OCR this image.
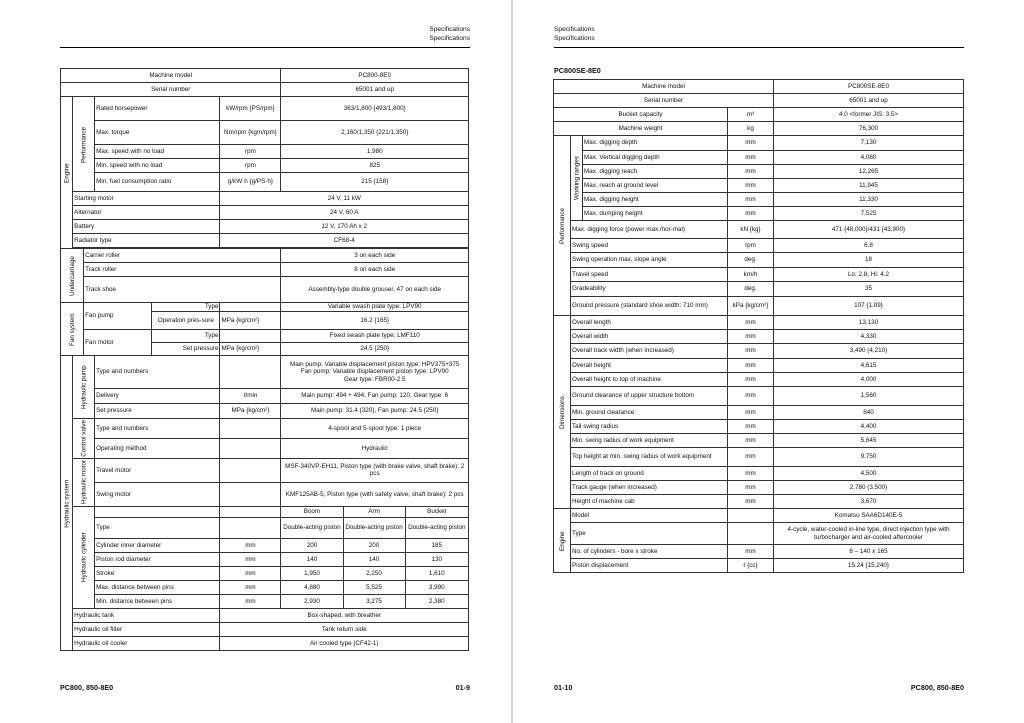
Specifications
Specifications
Machine model						PC800-8E0		
Serial number						65001 and up		
Engine	Performance		Rated horsepower		kW/rpm {PS/rpm}	363/1,800 {493/1,800}		
			Max. torque		Nm/rpm {kgm/rpm}	2,160/1,350 {221/1,350}		
			Max. speed with no load		rpm	1,980		
			Min. speed with no load		rpm	825		
			Min. fuel consumption ratio		g/kW·h {g/PS·h}	215 {158}		
	Starting motor				24 V, 11 kW			
	Alternator				24 V, 60 A			
	Battery				12 V, 170 Ah x 2			
	Radiator type				CF68-4			

Undercarriage		Carrier roller				3 on each side		
		Track roller				8 on each side		
		Track shoe				Assembly-type double grouser, 47 on each side		
Fan system		Fan pump		Type		Variable swash plate type: LPV90		
				Operation pres-sure	MPa {kg/cm²}	16.2 {165}		
		Fan motor		Type		Fixed swash plate type: LMF110		
				Set pressure	MPa {kg/cm²}	24.5 {250}		
Hydraulic system	Hydraulic pump		Type and numbers			Main pump: Variable displacement piston type: HPV375+375
Fan pump: Variable displacement piston type: LPV90
Gear type: FBR00-2.5		

			Delivery		ℓ/min	Main pump: 494 + 494, Fan pump: 120, Gear type: 6		
			Set pressure		MPa {kg/cm²}	Main pump: 31.4 {320}, Fan pump: 24.5 {250}		
	Control valve		Type and numbers			4-spool and 5-spool type: 1 piece		
			Operating method			Hydraulic		
	Hydraulic motor		Travel motor			MSF-340VP-EH11, Piston type (with brake valve, shaft brake): 2 pcs		
			Swing motor			KMF125AB-5, Piston type (with safety valve, shaft brake): 2 pcs		
	Hydraulic cylinder					Boom	Arm	Bucket
			Type			Double-acting piston	Double-acting piston	Double-acting piston
			Cylinder inner diameter		mm	200	200	185
			Piston rod diameter		mm	140	140	130
			Stroke		mm	1,950	2,250	1,610
			Max. distance between pins		mm	4,880	5,525	3,990
			Min. distance between pins		mm	2,930	3,275	2,380
	Hydraulic tank				Box-shaped, with breather			
	Hydraulic oil filter				Tank return side			
	Hydraulic oil cooler				Air cooled type (CF42-1)			
PC800, 850-8E0	01-9
Specifications
Specifications
PC800SE-8E0
Machine model				PC800SE-8E0
Serial number				65001 and up
Bucket capacity			m³	4.0 <former JIS: 3.5>
Machine weight			kg	76,300
Performance	Working ranges	Max. digging depth	mm	7,130
		Max. Vertical digging depth	mm	4,080
		Max. digging reach	mm	12,265
		Max. reach at ground level	mm	11,945
		Max. digging height	mm	11,330
		Max. dumping height	mm	7,525
	Max. digging force (power max./nor-mal)		kN {kg}	471 {48,000}/431 {43,900}
	Swing speed		rpm	6.8
	Swing operation max. slope angle		deg.	18
	Travel speed		km/h	Lo: 2.8, Hi: 4.2
	Gradeability		deg.	35
	Ground pressure (standard shoe width: 710 mm)		kPa {kg/cm²}	107 {1.09}
Dimensions	Overall length		mm	13,130
	Overall width		mm	4,330
	Overall track width (when increased)		mm	3,490 (4,210)
	Overall height		mm	4,615
	Overall height to top of machine		mm	4,000
	Ground clearance of upper structure bottom		mm	1,560
	Min. ground clearance		mm	840
	Tail swing radius		mm	4,400
	Min. swing radius of work equipment		mm	5,645
	Top height at min. swing radius of work equipment		mm	9,750
	Length of track on ground		mm	4,500
	Track gauge (when increased)		mm	2,780 (3,500)
	Height of machine cab		mm	3,670
Engine	Model			Komatsu SAA6D140E-5
	Type			4-cycle, water-cooled in-line type, direct injection type with turbocharger and air-cooled aftercooler
	No. of cylinders - bore x stroke		mm	6 – 140 x 165
	Piston displacement		ℓ {cc}	15.24 {15,240}
01-10	PC800, 850-8E0
